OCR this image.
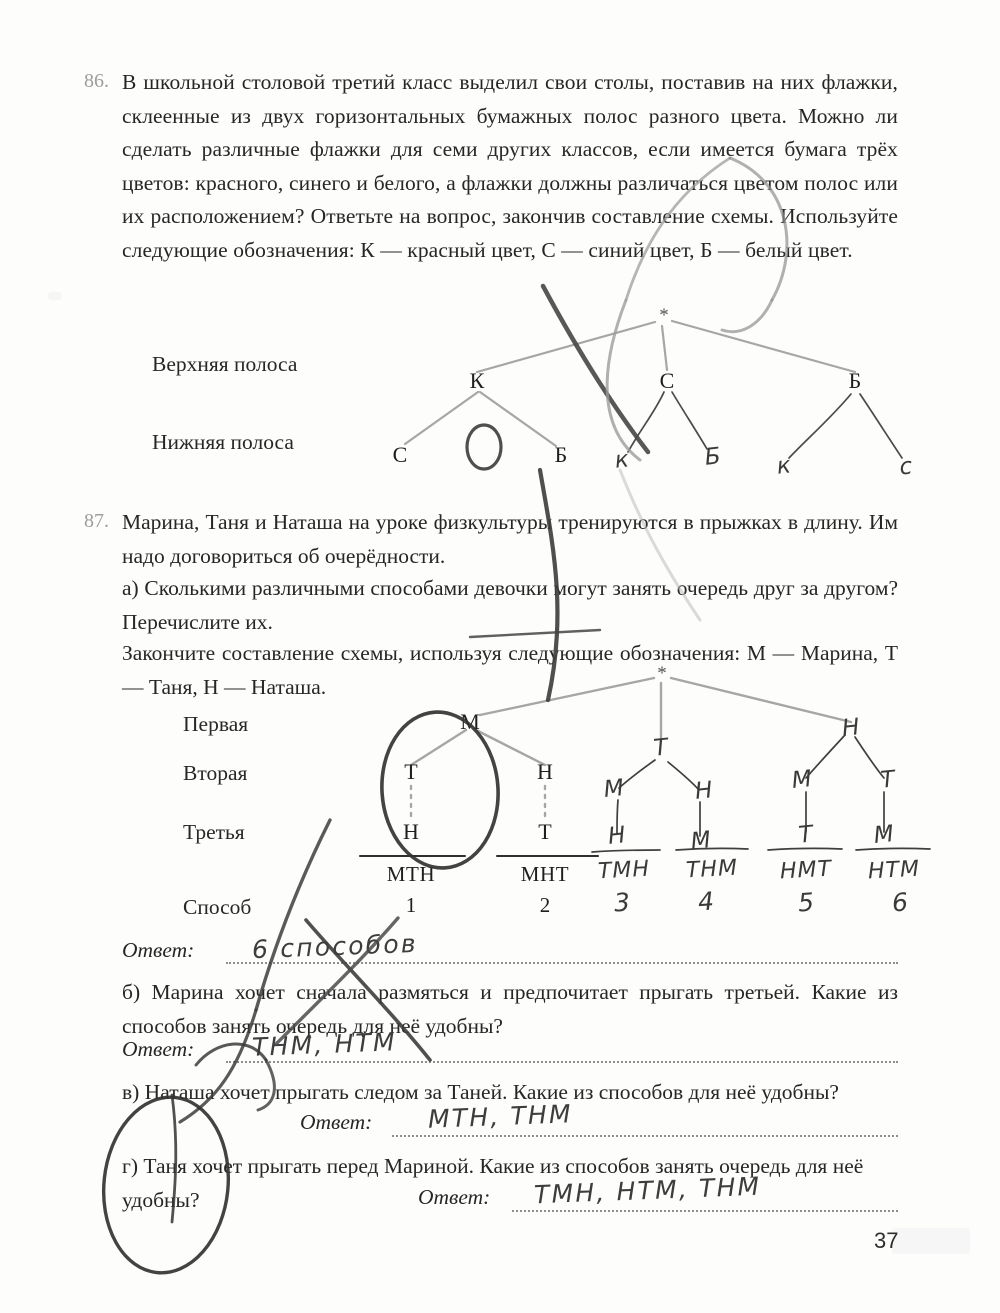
86. В школьной столовой третий класс выделил свои столы, поставив на них флажки, склеенные из двух горизонтальных бумажных полос разного цвета. Можно ли сделать различные флажки для семи других классов, если имеется бумага трёх цветов: красного, синего и белого, а флажки должны различаться цветом полос или их расположением? Ответьте на вопрос, закончив составление схемы. Используйте следующие обозначения: К — красный цвет, С — синий цвет, Б — белый цвет.
Верхняя полоса
Нижняя полоса
*
К	С	Б
С	Б к	Б к	с
87. Марина, Таня и Наташа на уроке физкультуры тренируются в прыжках в длину. Им надо договориться об очерёдности.
а) Сколькими различными способами девочки могут занять очередь друг за другом? Перечислите их.
Закончите составление схемы, используя следующие обозначения: М — Марина, Т — Таня, Н — Наташа.
Первая
Вторая
Третья
Способ
*
М
Т
Н
МТН
1
Н
Т
МНТ
2
Т
М
Н
ТМН
3
Н
М
ТНМ
4
Н
М
Т
НМТ
5
Т
М
НТМ
6
Ответ: 6 способов
б) Марина хочет сначала размяться и предпочитает прыгать третьей. Какие из способов занять очередь для неё удобны?
Ответ: ТНМ, НТМ
в) Наташа хочет прыгать следом за Таней. Какие из способов для неё удобны?
Ответ: МТН, ТНМ
г) Таня хочет прыгать перед Мариной. Какие из способов занять очередь для неё удобны?	Ответ: ТМН, НТМ, ТНМ
37
